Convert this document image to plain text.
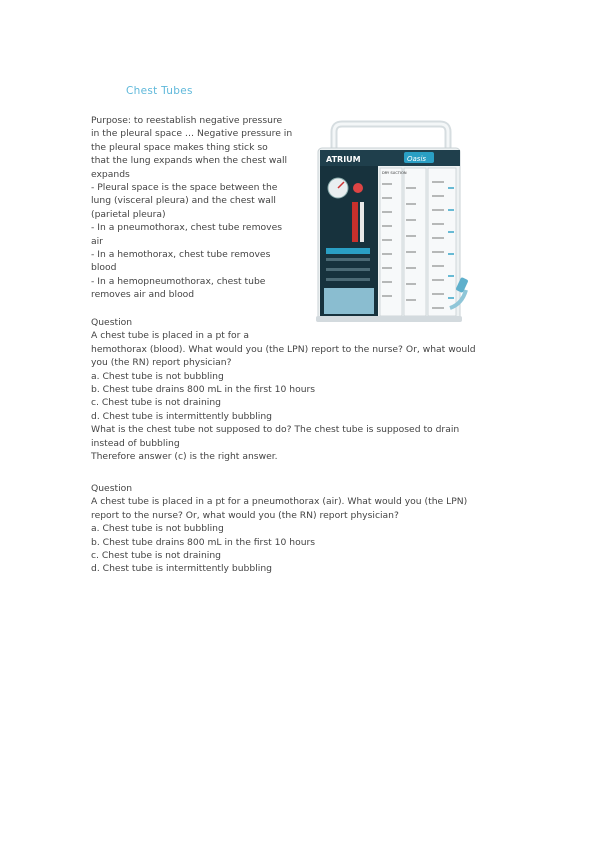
Chest Tubes

Purpose: to reestablish negative pressure

in the pleural space … Negative pressure in

the pleural space makes thing stick so

that the lung expands when the chest wall

expands

- Pleural space is the space between the

lung (visceral pleura) and the chest wall

(parietal pleura)

- In a pneumothorax, chest tube removes

air

- In a hemothorax, chest tube removes

blood

- In a hemopneumothorax, chest tube

removes air and blood

ATRIUM	Oasis
DRY SUCTION

Question

A chest tube is placed in a pt for a

hemothorax (blood). What would you (the LPN) report to the nurse? Or, what would

you (the RN) report physician?

a. Chest tube is not bubbling

b. Chest tube drains 800 mL in the first 10 hours

c. Chest tube is not draining

d. Chest tube is intermittently bubbling

What is the chest tube not supposed to do? The chest tube is supposed to drain

instead of bubbling

Therefore answer (c) is the right answer.

Question

A chest tube is placed in a pt for a pneumothorax (air). What would you (the LPN)

report to the nurse? Or, what would you (the RN) report physician?

a. Chest tube is not bubbling

b. Chest tube drains 800 mL in the first 10 hours

c. Chest tube is not draining

d. Chest tube is intermittently bubbling
